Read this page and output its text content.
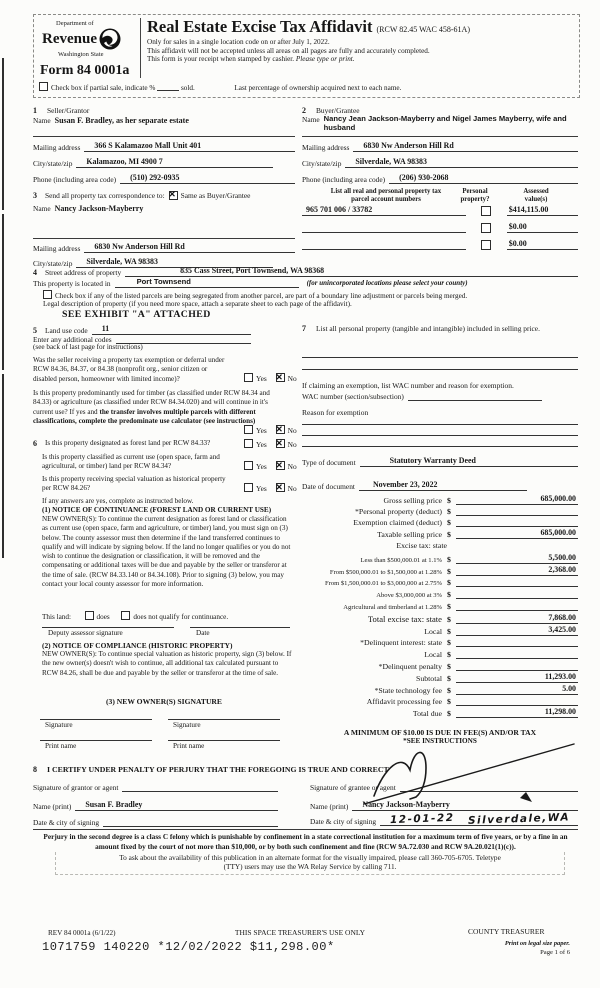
Department of
Revenue
Washington State
Form 84 0001a
Real Estate Excise Tax Affidavit (RCW 82.45 WAC 458-61A)
Only for sales in a single location code on or after July 1, 2022.
This affidavit will not be accepted unless all areas on all pages are fully and accurately completed.
This form is your receipt when stamped by cashier. Please type or print.
Check box if partial sale, indicate %	sold.	Last percentage of ownership acquired next to each name.
1	Seller/Grantor
Name Susan F. Bradley, as her separate estate
Mailing address	366 S Kalamazoo Mall Unit 401
City/state/zip	Kalamazoo, MI 4900 7
Phone (including area code)	(510) 292-0935
3	Send all property tax correspondence to: ✕ Same as Buyer/Grantee
Name Nancy Jackson-Mayberry
Mailing address	6830 Nw Anderson Hill Rd
City/state/zip	Silverdale, WA 98383
2	Buyer/Grantee
Name Nancy Jean Jackson-Mayberry and Nigel James Mayberry, wife and husband
Mailing address	6830 Nw Anderson Hill Rd
City/state/zip	Silverdale, WA 98383
Phone (including area code)	(206) 930-2068
List all real and personal property tax
parcel account numbers
Personal
property?
Assessed
value(s)
965 701 006 / 33782	$414,115.00
$0.00
$0.00
4	Street address of property	835 Cass Street, Port Townsend, WA 98368
This property is located in	Port Townsend	(for unincorporated locations please select your county)
Check box if any of the listed parcels are being segregated from another parcel, are part of a boundary line adjustment or parcels being merged.
Legal description of property (if you need more space, attach a separate sheet to each page of the affidavit).
SEE EXHIBIT "A" ATTACHED
5	Land use code	11
Enter any additional codes
(see back of last page for instructions)
Was the seller receiving a property tax exemption or deferral under RCW 84.36, 84.37, or 84.38 (nonprofit org., senior citizen or disabled person, homeowner with limited income)?	Yes ✕	No
Is this property predominantly used for timber (as classified under RCW 84.34 and 84.33) or agriculture (as classified under RCW 84.34.020) and will continue in it's current use? If yes and the transfer involves multiple parcels with different classifications, complete the predominate use calculator (see instructions)
Yes ✕	No
6	Is this property designated as forest land per RCW 84.33?	Yes ✕	No
Is this property classified as current use (open space, farm and agricultural, or timber) land per RCW 84.34?	Yes ✕	No
Is this property receiving special valuation as historical property per RCW 84.26?	Yes ✕	No
If any answers are yes, complete as instructed below.
(1) NOTICE OF CONTINUANCE (FOREST LAND OR CURRENT USE)
NEW OWNER(S): To continue the current designation as forest land or classification as current use (open space, farm and agriculture, or timber) land, you must sign on (3) below. The county assessor must then determine if the land transferred continues to qualify and will indicate by signing below. If the land no longer qualifies or you do not wish to continue the designation or classification, it will be removed and the compensating or additional taxes will be due and payable by the seller or transferor at the time of sale. (RCW 84.33.140 or 84.34.108). Prior to signing (3) below, you may contact your local county assessor for more information.
This land:	does	does not qualify for continuance.
Deputy assessor signature	Date
(2) NOTICE OF COMPLIANCE (HISTORIC PROPERTY)
NEW OWNER(S): To continue special valuation as historic property, sign (3) below. If the new owner(s) doesn't wish to continue, all additional tax calculated pursuant to RCW 84.26, shall be due and payable by the seller or transferor at the time of sale.
(3) NEW OWNER(S) SIGNATURE
Signature	Signature
Print name	Print name
7	List all personal property (tangible and intangible) included in selling price.
If claiming an exemption, list WAC number and reason for exemption.
WAC number (section/subsection)
Reason for exemption
Type of document	Statutory Warranty Deed
Date of document	November 23, 2022
Gross selling price $	685,000.00
*Personal property (deduct) $
Exemption claimed (deduct) $
Taxable selling price $	685,000.00
Excise tax: state
Less than $500,000.01 at 1.1% $	5,500.00
From $500,000.01 to $1,500,000 at 1.28% $	2,368.00
From $1,500,000.01 to $3,000,000 at 2.75% $
Above $3,000,000 at 3% $
Agricultural and timberland at 1.28% $
Total excise tax: state $	7,868.00
Local $	3,425.00
*Delinquent interest: state $
Local $
*Delinquent penalty $
Subtotal $	11,293.00
*State technology fee $	5.00
Affidavit processing fee $
Total due $	11,298.00
A MINIMUM OF $10.00 IS DUE IN FEE(S) AND/OR TAX
*SEE INSTRUCTIONS
8	I CERTIFY UNDER PENALTY OF PERJURY THAT THE FOREGOING IS TRUE AND CORRECT
Signature of grantor or agent
Name (print)	Susan F. Bradley
Date & city of signing
Signature of grantee or agent
Name (print)	Nancy Jackson-Mayberry
Date & city of signing	12-01-22 Silverdale,WA
Perjury in the second degree is a class C felony which is punishable by confinement in a state correctional institution for a maximum term of five years, or by a fine in an amount fixed by the court of not more than $10,000, or by both such confinement and fine (RCW 9A.72.030 and RCW 9A.20.021(1)(c)).
To ask about the availability of this publication in an alternate format for the visually impaired, please call 360-705-6705. Teletype
(TTY) users may use the WA Relay Service by calling 711.
REV 84 0001a (6/1/22)	THIS SPACE TREASURER'S USE ONLY	COUNTY TREASURER
1071759 140220 *12/02/2022 $11,298.00*	Print on legal size paper.
Page 1 of 6
